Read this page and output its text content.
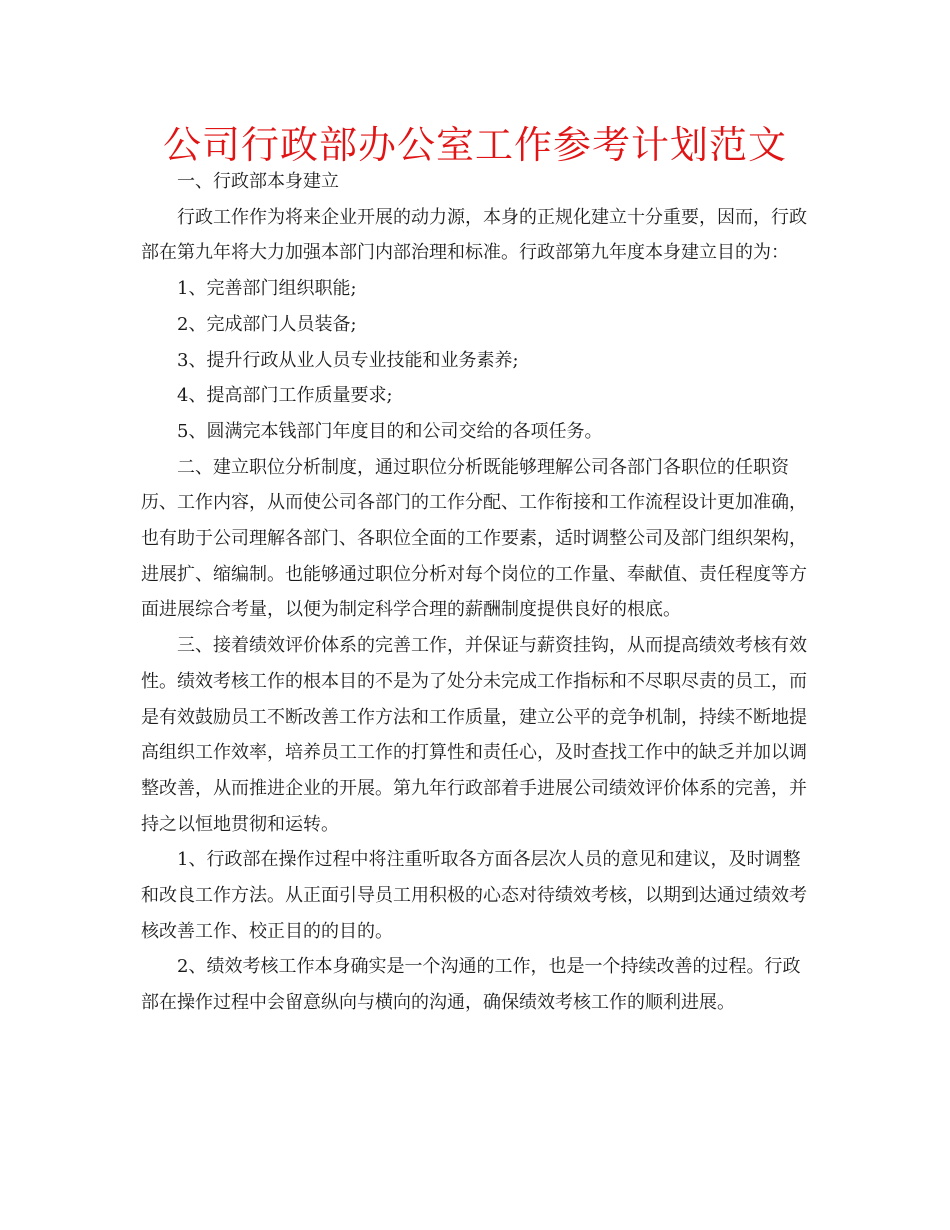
公司行政部办公室工作参考计划范文

一、行政部本身建立

行政工作作为将来企业开展的动力源，本身的正规化建立十分重要，因而，行政部在第九年将大力加强本部门内部治理和标准。行政部第九年度本身建立目的为：

1、完善部门组织职能;

2、完成部门人员装备;

3、提升行政从业人员专业技能和业务素养;

4、提高部门工作质量要求;

5、圆满完本钱部门年度目的和公司交给的各项任务。

二、建立职位分析制度，通过职位分析既能够理解公司各部门各职位的任职资历、工作内容，从而使公司各部门的工作分配、工作衔接和工作流程设计更加准确，也有助于公司理解各部门、各职位全面的工作要素，适时调整公司及部门组织架构，进展扩、缩编制。也能够通过职位分析对每个岗位的工作量、奉献值、责任程度等方面进展综合考量，以便为制定科学合理的薪酬制度提供良好的根底。

三、接着绩效评价体系的完善工作，并保证与薪资挂钩，从而提高绩效考核有效性。绩效考核工作的根本目的不是为了处分未完成工作指标和不尽职尽责的员工，而是有效鼓励员工不断改善工作方法和工作质量，建立公平的竞争机制，持续不断地提高组织工作效率，培养员工工作的打算性和责任心，及时查找工作中的缺乏并加以调整改善，从而推进企业的开展。第九年行政部着手进展公司绩效评价体系的完善，并持之以恒地贯彻和运转。

1、行政部在操作过程中将注重听取各方面各层次人员的意见和建议，及时调整和改良工作方法。从正面引导员工用积极的心态对待绩效考核，以期到达通过绩效考核改善工作、校正目的的目的。

2、绩效考核工作本身确实是一个沟通的工作，也是一个持续改善的过程。行政部在操作过程中会留意纵向与横向的沟通，确保绩效考核工作的顺利进展。
